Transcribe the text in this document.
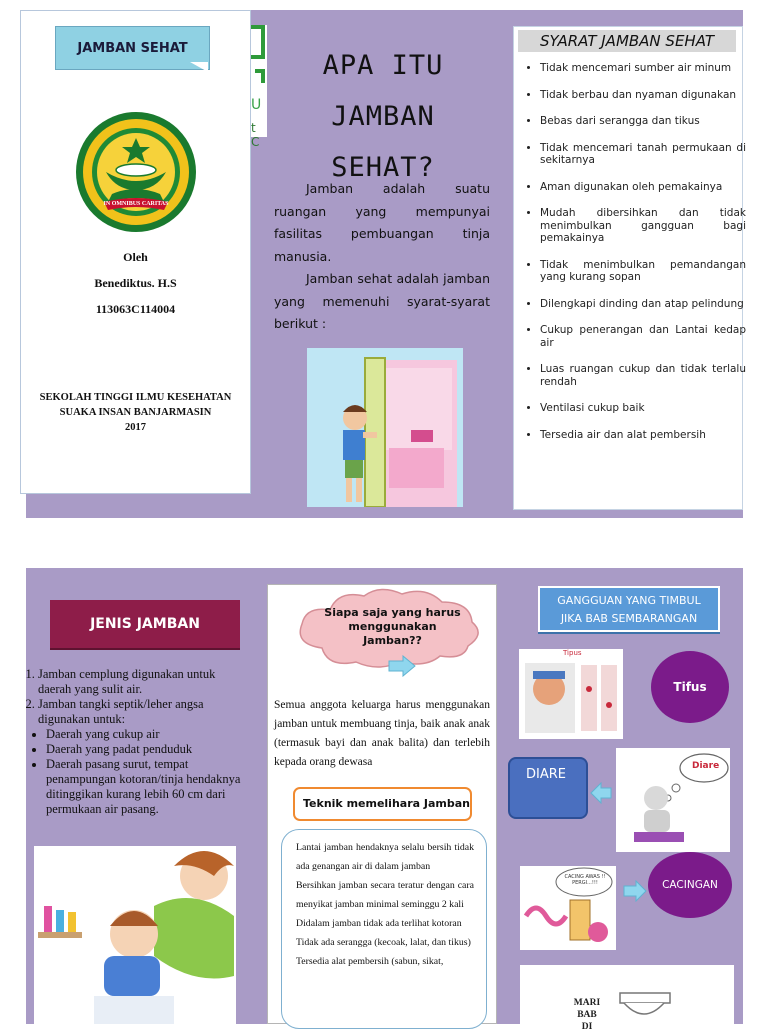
JAMBAN SEHAT
U
t C
IN OMNIBUS CARITAS
Oleh
Benediktus. H.S
113063C114004
SEKOLAH TINGGI ILMU KESEHATAN
SUAKA INSAN BANJARMASIN
2017
APA ITU
JAMBAN
SEHAT?

Jamban adalah suatu ruangan yang mempunyai fasilitas pembuangan tinja manusia.

Jamban sehat adalah jamban yang memenuhi syarat-syarat berikut :

SYARAT JAMBAN SEHAT
• Tidak mencemari sumber air minum
• Tidak berbau dan nyaman digunakan
• Bebas dari serangga dan tikus
• Tidak mencemari tanah permukaan di sekitarnya
• Aman digunakan oleh pemakainya
• Mudah dibersihkan dan tidak menimbulkan gangguan bagi pemakainya
• Tidak menimbulkan pemandangan yang kurang sopan
• Dilengkapi dinding dan atap pelindung
• Cukup penerangan dan Lantai kedap air
• Luas ruangan cukup dan tidak terlalu rendah
• Ventilasi cukup baik
• Tersedia air dan alat pembersih
JENIS JAMBAN
1. Jamban cemplung digunakan untuk daerah yang sulit air.
2. Jamban tangki septik/leher angsa digunakan untuk:
• Daerah yang cukup air
• Daerah yang padat penduduk
• Daerah pasang surut, tempat penampungan kotoran/tinja hendaknya ditinggikan kurang lebih 60 cm dari permukaan air pasang.
Siapa saja yang harus menggunakan Jamban??
Semua anggota keluarga harus menggunakan jamban untuk membuang tinja, baik anak anak (termasuk bayi dan anak balita) dan terlebih kepada orang dewasa
Teknik memelihara Jamban

Lantai jamban hendaknya selalu bersih tidak ada genangan air di dalam jamban

Bersihkan jamban secara teratur dengan cara menyikat jamban minimal seminggu 2 kali

Didalam jamban tidak ada terlihat kotoran

Tidak ada serangga (kecoak, lalat, dan tikus)

Tersedia alat pembersih (sabun, sikat,

GANGGUAN YANG TIMBUL
JIKA BAB SEMBARANGAN
Tipus
Tifus
DIARE
Diare
CACING AWAS !! PERGI...!!!	CACINGAN
MARI
BAB
DI
